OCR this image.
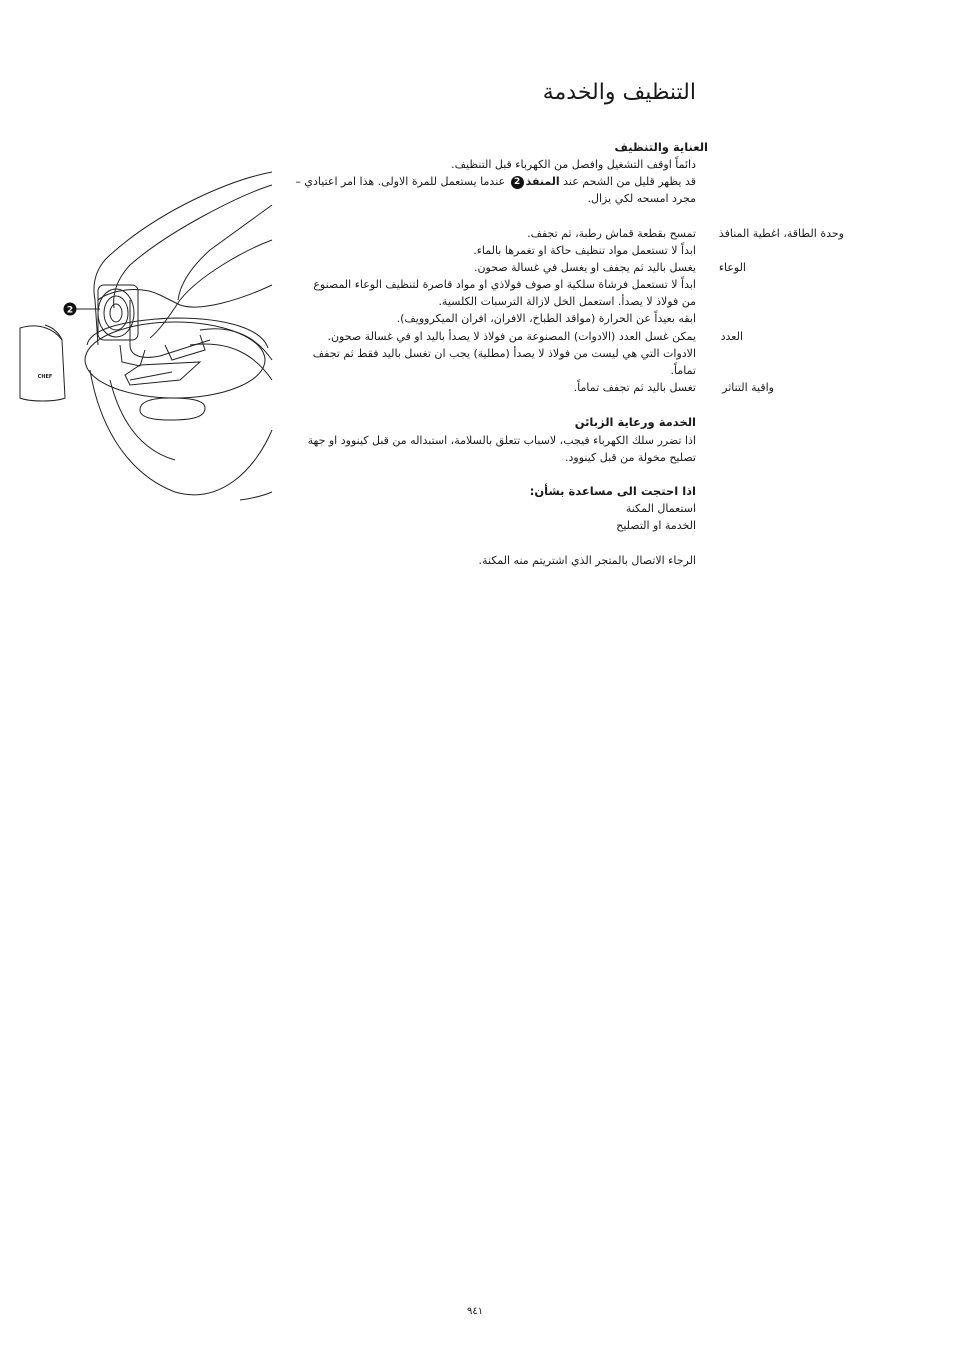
2
CHEF
التنظيف والخدمة
العناية والتنظيف
دائماً اوقف التشغيل وافصل من الكهرباء قبل التنظيف.
قد يظهر قليل من الشحم عند المنفذ2 عندما يستعمل للمرة الاولى. هذا امر اعتيادي –
مجرد امسحه لكي يزال.
وحدة الطاقة، اغطية المنافذ
تمسح بقطعة قماش رطبة، ثم تجفف.
ابداً لا تستعمل مواد تنظيف حاكة او تغمرها بالماء.
الوعاء
يغسل باليد ثم يجفف او يغسل في غسالة صحون.
ابداً لا تستعمل فرشاة سلكية او صوف فولاذي او مواد قاصرة لتنظيف الوعاء المصنوع
من فولاذ لا يصدأ. استعمل الخل لازالة الترسبات الكلسية.
ابقه بعيداً عن الحرارة (مواقد الطباخ، الافران، افران الميكروويف).
العدد
يمكن غسل العدد (الادوات) المصنوعة من فولاذ لا يصدأ باليد او في غسالة صحون.
الادوات التي هي ليست من فولاذ لا يصدأ (مطلية) يجب ان تغسل باليد فقط ثم تجفف
تماماً.
واقية التناثر
تغسل باليد ثم تجفف تماماً.
الخدمة ورعاية الزبائن
اذا تضرر سلك الكهرباء فيجب، لاسباب تتعلق بالسلامة، استبداله من قبل كينوود او جهة
تصليح مخولة من قبل كينوود.
اذا احتجت الى مساعدة بشأن:
استعمال المكنة
الخدمة او التصليح
الرجاء الاتصال بالمتجر الذي اشتريتم منه المكنة.
٩٤١
